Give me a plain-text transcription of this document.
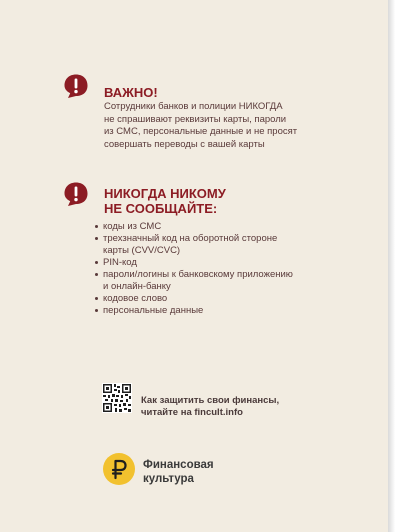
ВАЖНО!

Сотрудники банков и полиции НИКОГДА
не спрашивают реквизиты карты, пароли
из СМС, персональные данные и не просят
совершать переводы с вашей карты

НИКОГДА НИКОМУ
НЕ СООБЩАЙТЕ:
коды из СМС
трехзначный код на оборотной стороне
карты (CVV/CVC)
PIN-код
пароли/логины к банковскому приложению
и онлайн-банку
кодовое слово
персональные данные
Как защитить свои финансы,
читайте на fincult.info
Финансовая
культура
